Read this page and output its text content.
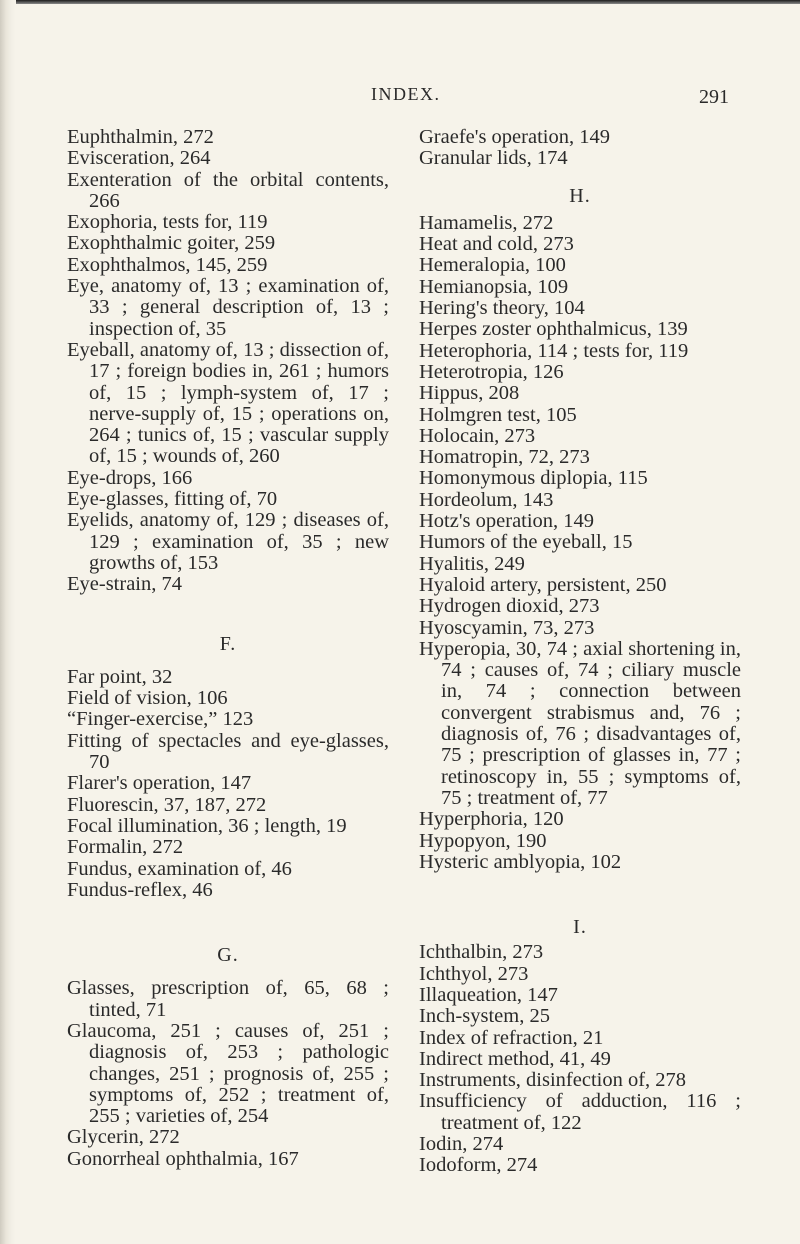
INDEX.	291
Euphthalmin, 272
Evisceration, 264
Exenteration of the orbital contents, 266
Exophoria, tests for, 119
Exophthalmic goiter, 259
Exophthalmos, 145, 259
Eye, anatomy of, 13 ; examination of, 33 ; general description of, 13 ; inspection of, 35
Eyeball, anatomy of, 13 ; dissection of, 17 ; foreign bodies in, 261 ; humors of, 15 ; lymph-system of, 17 ; nerve-supply of, 15 ; operations on, 264 ; tunics of, 15 ; vascular supply of, 15 ; wounds of, 260
Eye-drops, 166
Eye-glasses, fitting of, 70
Eyelids, anatomy of, 129 ; diseases of, 129 ; examination of, 35 ; new growths of, 153
Eye-strain, 74
F.
Far point, 32
Field of vision, 106
“Finger-exercise,” 123
Fitting of spectacles and eye-glasses, 70
Flarer's operation, 147
Fluorescin, 37, 187, 272
Focal illumination, 36 ; length, 19
Formalin, 272
Fundus, examination of, 46
Fundus-reflex, 46
G.
Glasses, prescription of, 65, 68 ; tinted, 71
Glaucoma, 251 ; causes of, 251 ; diagnosis of, 253 ; pathologic changes, 251 ; prognosis of, 255 ; symptoms of, 252 ; treatment of, 255 ; varieties of, 254
Glycerin, 272
Gonorrheal ophthalmia, 167
Graefe's operation, 149
Granular lids, 174
H.
Hamamelis, 272
Heat and cold, 273
Hemeralopia, 100
Hemianopsia, 109
Hering's theory, 104
Herpes zoster ophthalmicus, 139
Heterophoria, 114 ; tests for, 119
Heterotropia, 126
Hippus, 208
Holmgren test, 105
Holocain, 273
Homatropin, 72, 273
Homonymous diplopia, 115
Hordeolum, 143
Hotz's operation, 149
Humors of the eyeball, 15
Hyalitis, 249
Hyaloid artery, persistent, 250
Hydrogen dioxid, 273
Hyoscyamin, 73, 273
Hyperopia, 30, 74 ; axial shortening in, 74 ; causes of, 74 ; ciliary muscle in, 74 ; connection between convergent strabismus and, 76 ; diagnosis of, 76 ; disadvantages of, 75 ; prescription of glasses in, 77 ; retinoscopy in, 55 ; symptoms of, 75 ; treatment of, 77
Hyperphoria, 120
Hypopyon, 190
Hysteric amblyopia, 102
I.
Ichthalbin, 273
Ichthyol, 273
Illaqueation, 147
Inch-system, 25
Index of refraction, 21
Indirect method, 41, 49
Instruments, disinfection of, 278
Insufficiency of adduction, 116 ; treatment of, 122
Iodin, 274
Iodoform, 274
